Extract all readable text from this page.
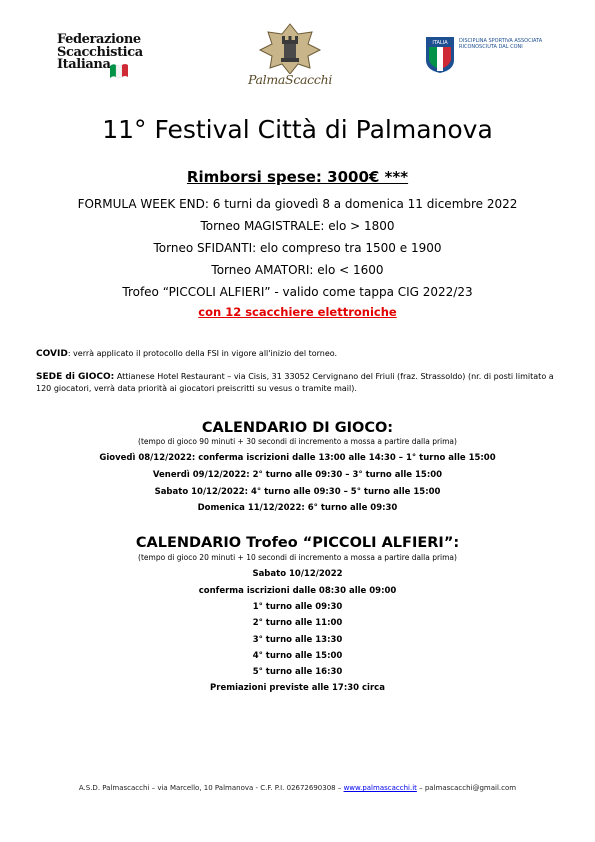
Federazione
Scacchistica
Italiana
PalmaScacchi
ITALIA DISCIPLINA SPORTIVA ASSOCIATA RICONOSCIUTA DAL CONI
11° Festival Città di Palmanova
Rimborsi spese: 3000€ ***
FORMULA WEEK END: 6 turni da giovedì 8 a domenica 11 dicembre 2022
Torneo MAGISTRALE: elo > 1800
Torneo SFIDANTI: elo compreso tra 1500 e 1900
Torneo AMATORI: elo < 1600
Trofeo “PICCOLI ALFIERI” - valido come tappa CIG 2022/23
con 12 scacchiere elettroniche
COVID: verrà applicato il protocollo della FSI in vigore all'inizio del torneo.
SEDE di GIOCO: Attianese Hotel Restaurant – via Cisis, 31 33052 Cervignano del Friuli (fraz. Strassoldo) (nr. di posti limitato a 120 giocatori, verrà data priorità ai giocatori preiscritti su vesus o tramite mail).
CALENDARIO DI GIOCO:
(tempo di gioco 90 minuti + 30 secondi di incremento a mossa a partire dalla prima)
Giovedì 08/12/2022: conferma iscrizioni dalle 13:00 alle 14:30 – 1° turno alle 15:00
Venerdì 09/12/2022: 2° turno alle 09:30 – 3° turno alle 15:00
Sabato 10/12/2022: 4° turno alle 09:30 – 5° turno alle 15:00
Domenica 11/12/2022: 6° turno alle 09:30
CALENDARIO Trofeo “PICCOLI ALFIERI”:
(tempo di gioco 20 minuti + 10 secondi di incremento a mossa a partire dalla prima)
Sabato 10/12/2022
conferma iscrizioni dalle 08:30 alle 09:00
1° turno alle 09:30
2° turno alle 11:00
3° turno alle 13:30
4° turno alle 15:00
5° turno alle 16:30
Premiazioni previste alle 17:30 circa
A.S.D. Palmascacchi – via Marcello, 10 Palmanova - C.F. P.I. 02672690308 – www.palmascacchi.it – palmascacchi@gmail.com
